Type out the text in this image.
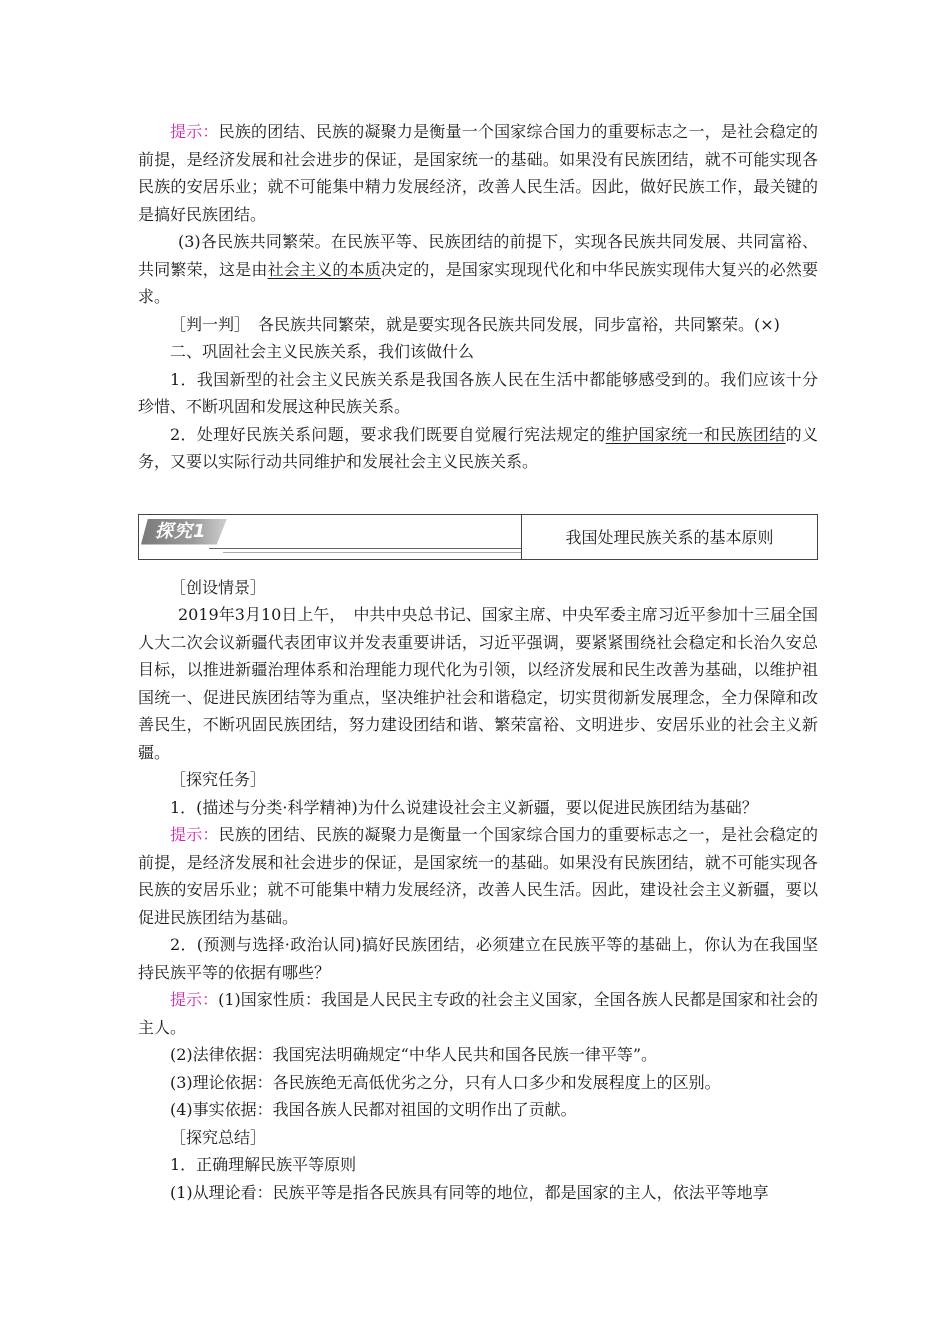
提示：民族的团结、民族的凝聚力是衡量一个国家综合国力的重要标志之一，是社会稳定的前提，是经济发展和社会进步的保证，是国家统一的基础。如果没有民族团结，就不可能实现各民族的安居乐业；就不可能集中精力发展经济，改善人民生活。因此，做好民族工作，最关键的是搞好民族团结。

(3)各民族共同繁荣。在民族平等、民族团结的前提下，实现各民族共同发展、共同富裕、共同繁荣，这是由社会主义的本质决定的，是国家实现现代化和中华民族实现伟大复兴的必然要求。

［判一判］　各民族共同繁荣，就是要实现各民族共同发展，同步富裕，共同繁荣。(×)

二、巩固社会主义民族关系，我们该做什么

1．我国新型的社会主义民族关系是我国各族人民在生活中都能够感受到的。我们应该十分珍惜、不断巩固和发展这种民族关系。

2．处理好民族关系问题，要求我们既要自觉履行宪法规定的维护国家统一和民族团结的义务，又要以实际行动共同维护和发展社会主义民族关系。

探究1	我国处理民族关系的基本原则

［创设情景］

2019年3月10日上午，　中共中央总书记、国家主席、中央军委主席习近平参加十三届全国人大二次会议新疆代表团审议并发表重要讲话，习近平强调，要紧紧围绕社会稳定和长治久安总目标，以推进新疆治理体系和治理能力现代化为引领，以经济发展和民生改善为基础，以维护祖国统一、促进民族团结等为重点，坚决维护社会和谐稳定，切实贯彻新发展理念，全力保障和改善民生，不断巩固民族团结，努力建设团结和谐、繁荣富裕、文明进步、安居乐业的社会主义新疆。

［探究任务］

1．(描述与分类·科学精神)为什么说建设社会主义新疆，要以促进民族团结为基础？

提示：民族的团结、民族的凝聚力是衡量一个国家综合国力的重要标志之一，是社会稳定的前提，是经济发展和社会进步的保证，是国家统一的基础。如果没有民族团结，就不可能实现各民族的安居乐业；就不可能集中精力发展经济，改善人民生活。因此，建设社会主义新疆，要以促进民族团结为基础。

2．(预测与选择·政治认同)搞好民族团结，必须建立在民族平等的基础上，你认为在我国坚持民族平等的依据有哪些？

提示：(1)国家性质：我国是人民民主专政的社会主义国家，全国各族人民都是国家和社会的主人。

(2)法律依据：我国宪法明确规定“中华人民共和国各民族一律平等”。

(3)理论依据：各民族绝无高低优劣之分，只有人口多少和发展程度上的区别。

(4)事实依据：我国各族人民都对祖国的文明作出了贡献。

［探究总结］

1．正确理解民族平等原则

(1)从理论看：民族平等是指各民族具有同等的地位，都是国家的主人，依法平等地享
